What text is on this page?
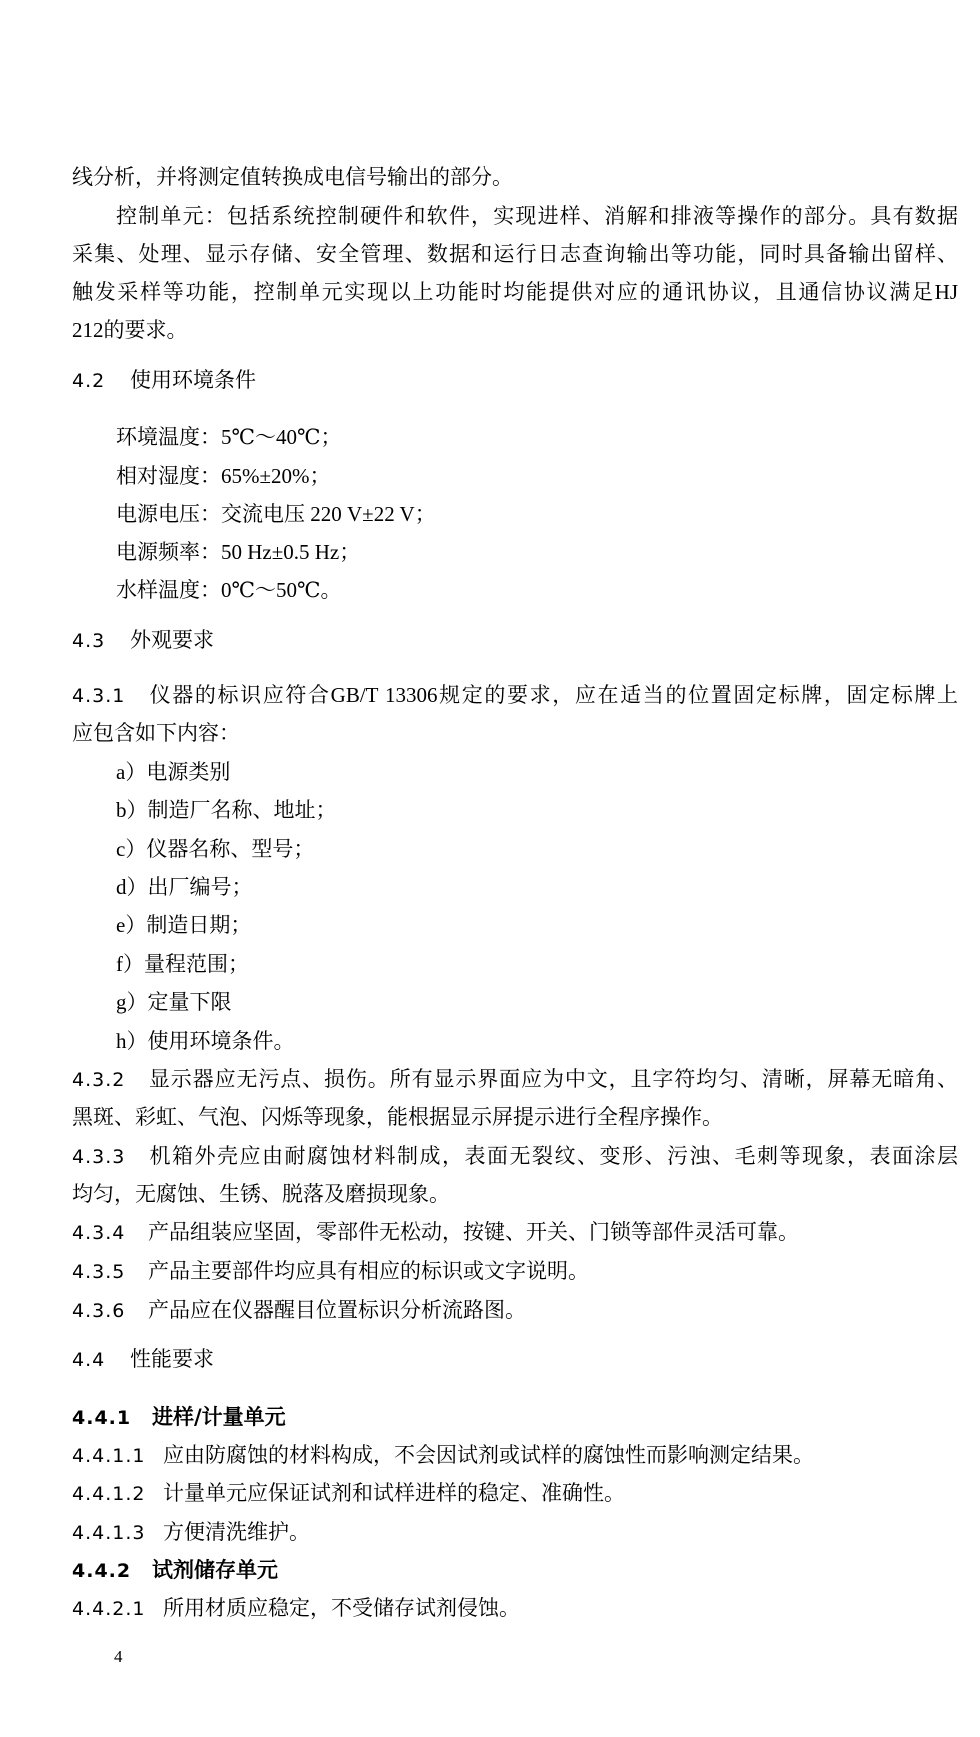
线分析，并将测定值转换成电信号输出的部分。
控制单元：包括系统控制硬件和软件，实现进样、消解和排液等操作的部分。具有数据
采集、处理、显示存储、安全管理、数据和运行日志查询输出等功能，同时具备输出留样、
触发采样等功能，控制单元实现以上功能时均能提供对应的通讯协议，且通信协议满足HJ
212的要求。
4.2 使用环境条件
环境温度：5℃～40℃；
相对湿度：65%±20%；
电源电压：交流电压 220 V±22 V；
电源频率：50 Hz±0.5 Hz；
水样温度：0℃～50℃。
4.3 外观要求
4.3.1 仪器的标识应符合GB/T 13306规定的要求，应在适当的位置固定标牌，固定标牌上
应包含如下内容：
a）电源类别
b）制造厂名称、地址；
c）仪器名称、型号；
d）出厂编号；
e）制造日期；
f）量程范围；
g）定量下限
h）使用环境条件。
4.3.2 显示器应无污点、损伤。所有显示界面应为中文，且字符均匀、清晰，屏幕无暗角、
黑斑、彩虹、气泡、闪烁等现象，能根据显示屏提示进行全程序操作。
4.3.3 机箱外壳应由耐腐蚀材料制成，表面无裂纹、变形、污浊、毛刺等现象，表面涂层
均匀，无腐蚀、生锈、脱落及磨损现象。
4.3.4 产品组装应坚固，零部件无松动，按键、开关、门锁等部件灵活可靠。
4.3.5 产品主要部件均应具有相应的标识或文字说明。
4.3.6 产品应在仪器醒目位置标识分析流路图。
4.4 性能要求
4.4.1 进样/计量单元
4.4.1.1 应由防腐蚀的材料构成，不会因试剂或试样的腐蚀性而影响测定结果。
4.4.1.2 计量单元应保证试剂和试样进样的稳定、准确性。
4.4.1.3 方便清洗维护。
4.4.2 试剂储存单元
4.4.2.1 所用材质应稳定，不受储存试剂侵蚀。
4
